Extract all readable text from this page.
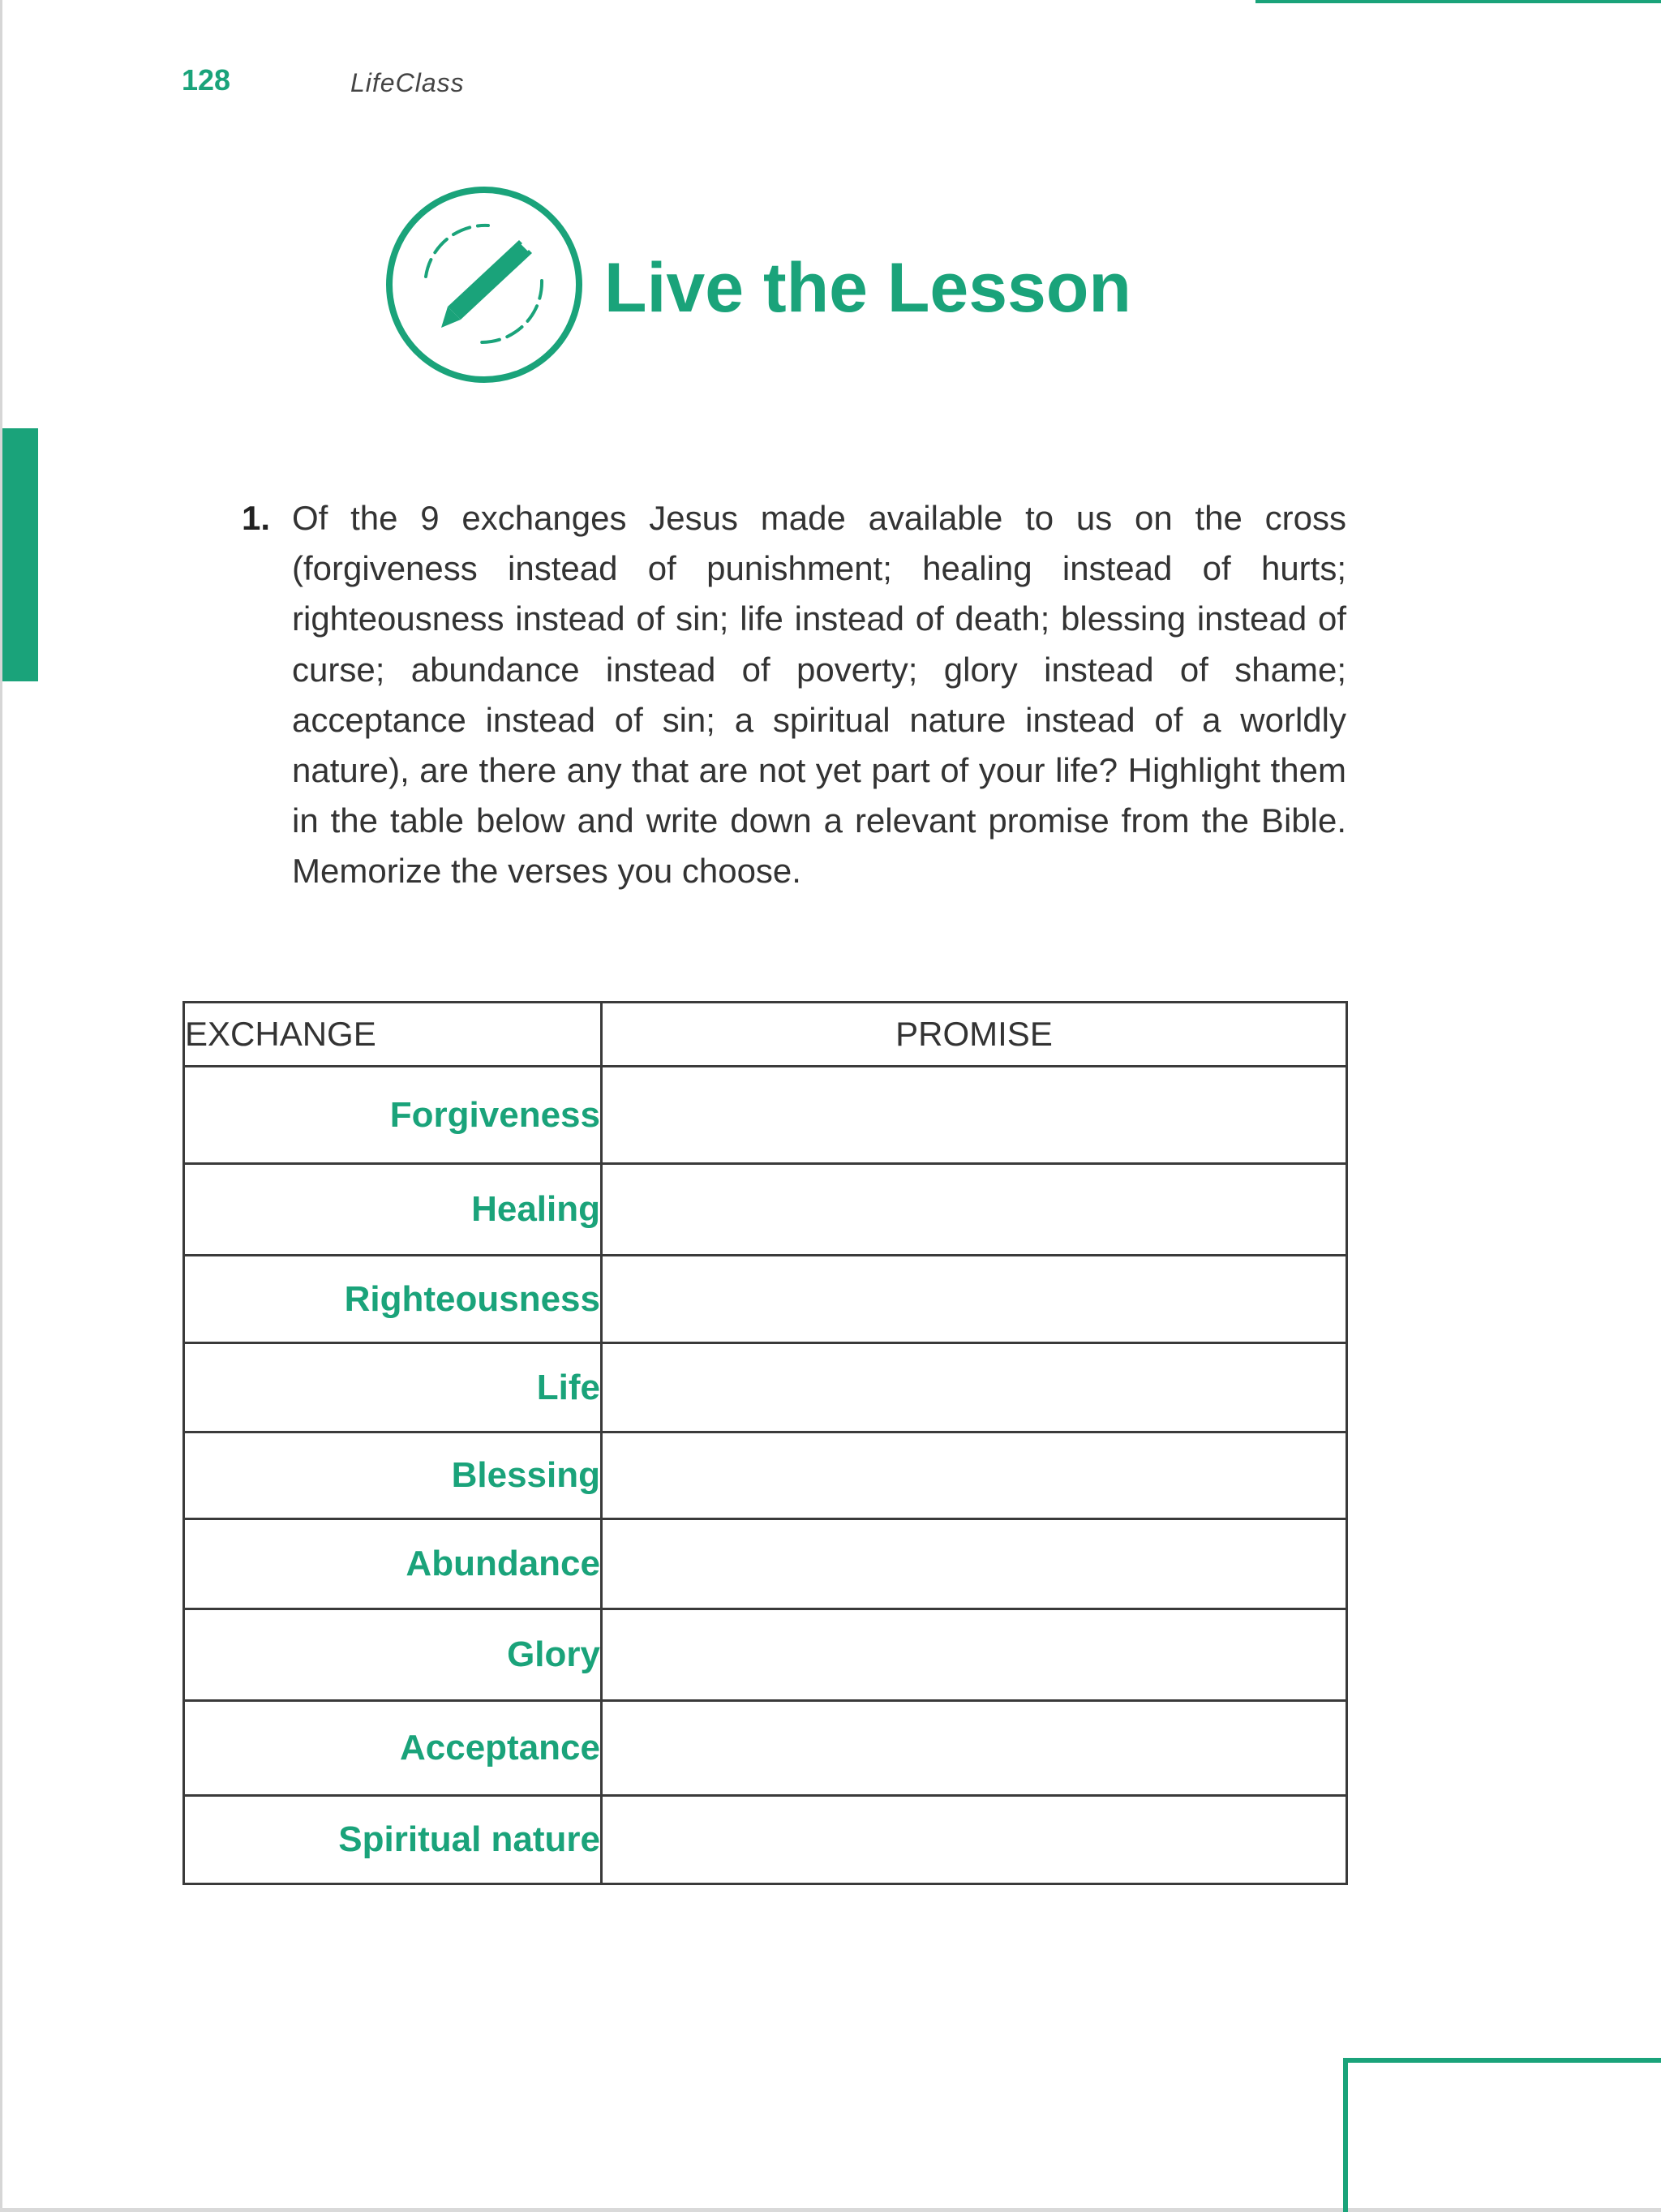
128	LifeClass
Live the Lesson
1. Of the 9 exchanges Jesus made available to us on the cross (forgiveness instead of punishment; healing instead of hurts; righteousness instead of sin; life instead of death; blessing instead of curse; abundance instead of poverty; glory instead of shame; acceptance instead of sin; a spiritual nature instead of a worldly nature), are there any that are not yet part of your life? Highlight them in the table below and write down a relevant promise from the Bible. Memorize the verses you choose.
EXCHANGE	PROMISE
Forgiveness	
Healing	
Righteousness	
Life	
Blessing	
Abundance	
Glory	
Acceptance	
Spiritual nature	
